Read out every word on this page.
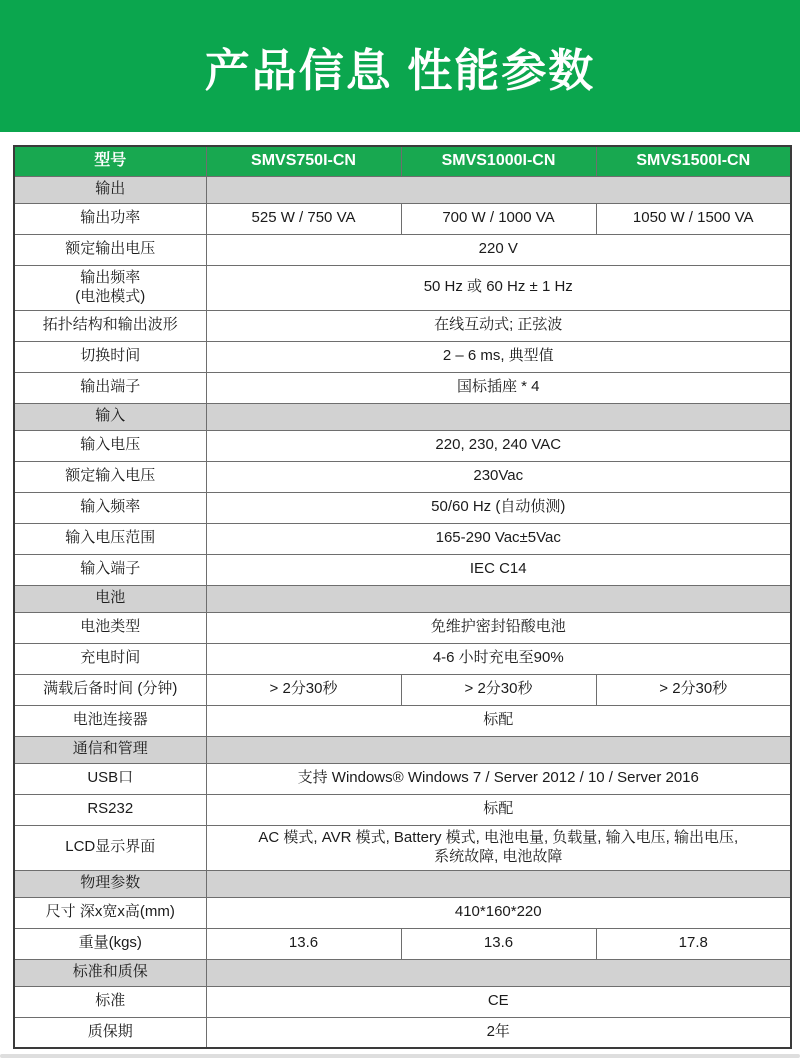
产品信息 性能参数
型号	SMVS750I-CN	SMVS1000I-CN	SMVS1500I-CN
输出			
输出功率	525 W / 750 VA	700 W / 1000 VA	1050 W / 1500 VA
额定输出电压	220 V		

输出频率
(电池模式)	50 Hz 或 60 Hz ± 1 Hz		
拓扑结构和输出波形	在线互动式; 正弦波		
切换时间	2 – 6 ms, 典型值		
输出端子	国标插座 * 4		
输入			
输入电压	220, 230, 240 VAC		
额定输入电压	230Vac		
输入频率	50/60 Hz (自动侦测)		
输入电压范围	165-290 Vac±5Vac		
输入端子	IEC C14		
电池			
电池类型	免维护密封铅酸电池		
充电时间	4-6 小时充电至90%		
满载后备时间 (分钟)	> 2分30秒	> 2分30秒	> 2分30秒
电池连接器	标配		
通信和管理			
USB口	支持 Windows® Windows 7 / Server 2012 / 10 / Server 2016		
RS232	标配		
LCD显示界面	AC 模式, AVR 模式, Battery 模式, 电池电量, 负载量, 输入电压, 输出电压,
系统故障, 电池故障		

物理参数			
尺寸 深x宽x高(mm)	410*160*220		
重量(kgs)	13.6	13.6	17.8
标准和质保			
标准	CE		
质保期	2年		
